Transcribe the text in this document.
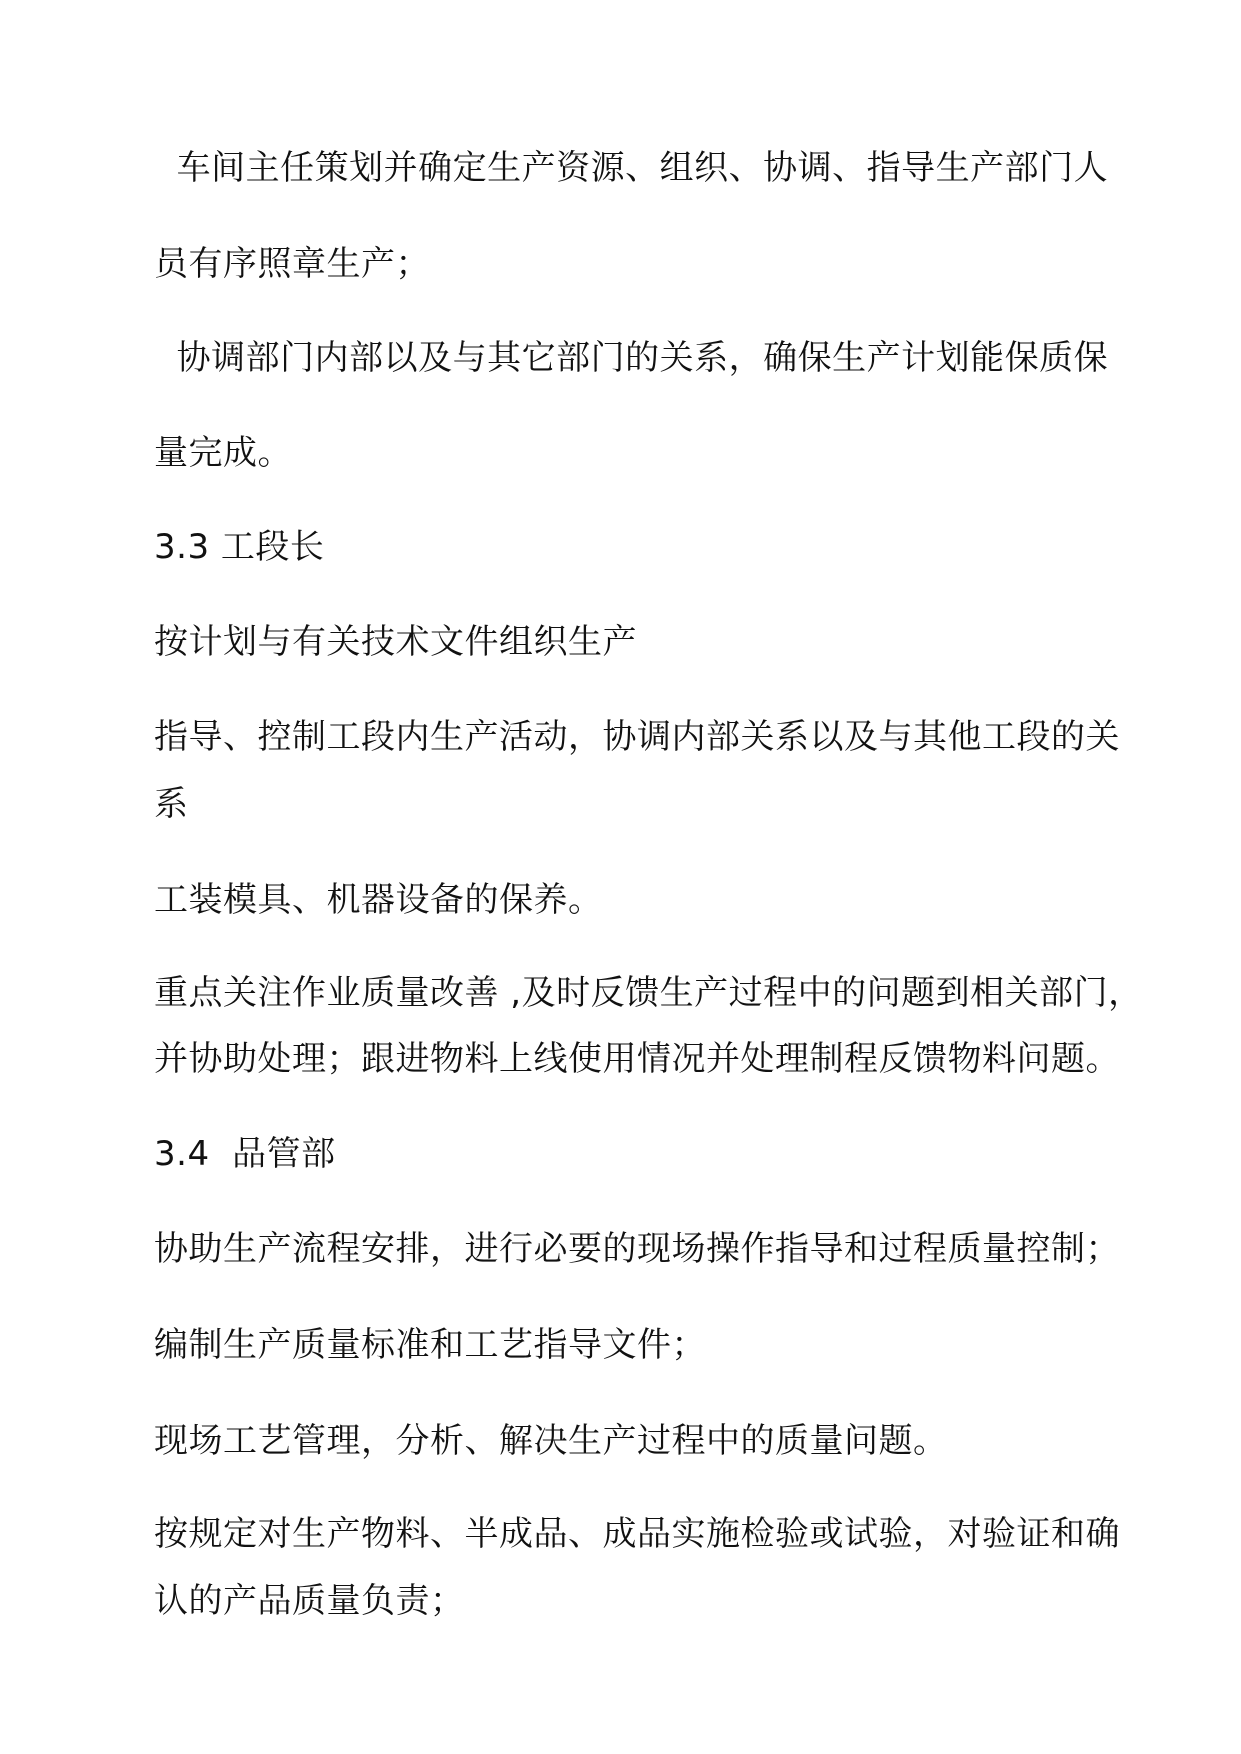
车间主任策划并确定生产资源、组织、协调、指导生产部门人

员有序照章生产；

协调部门内部以及与其它部门的关系，确保生产计划能保质保

量完成。

3.3 工段长

按计划与有关技术文件组织生产

指导、控制工段内生产活动，协调内部关系以及与其他工段的关

系

工装模具、机器设备的保养。

重点关注作业质量改善 ,及时反馈生产过程中的问题到相关部门，

并协助处理；跟进物料上线使用情况并处理制程反馈物料问题。

3.4  品管部

协助生产流程安排，进行必要的现场操作指导和过程质量控制；

编制生产质量标准和工艺指导文件；

现场工艺管理，分析、解决生产过程中的质量问题。

按规定对生产物料、半成品、成品实施检验或试验，对验证和确

认的产品质量负责；
